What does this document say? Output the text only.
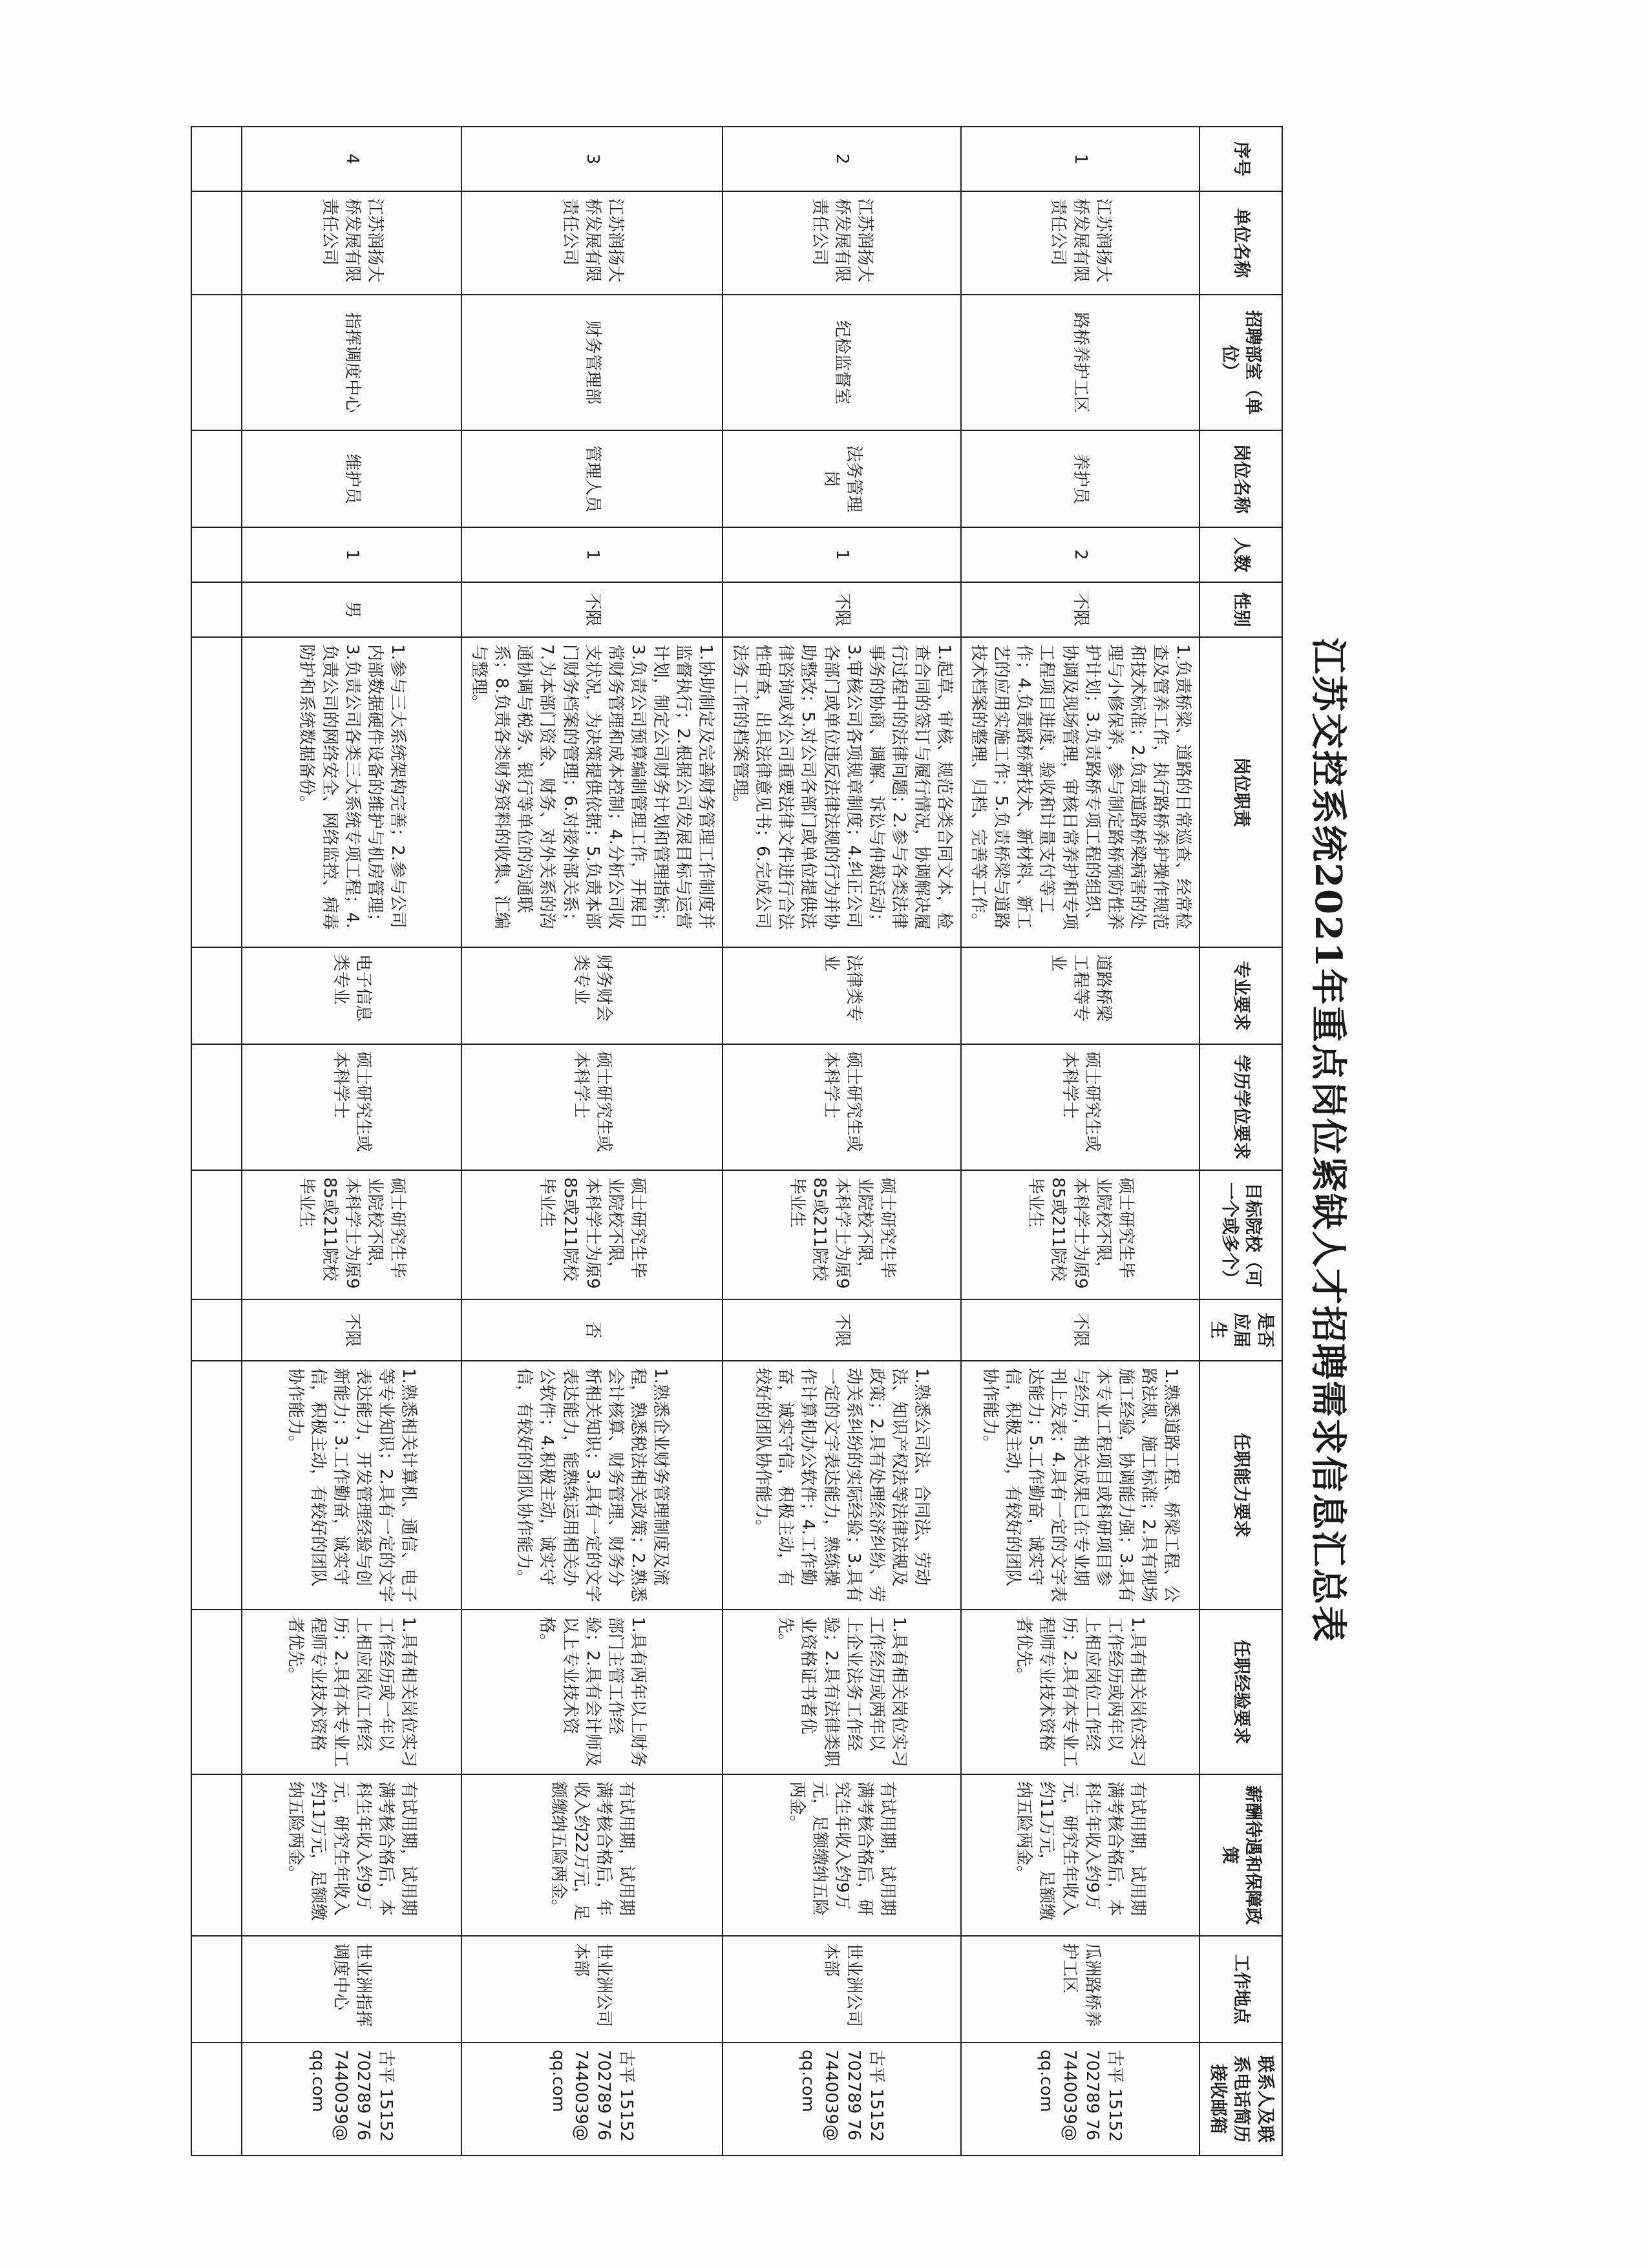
江苏交控系统2021年重点岗位紧缺人才招聘需求信息汇总表
序号	单位名称	招聘部室（单位）	岗位名称	人数	性别	岗位职责	专业要求	学历学位要求	目标院校（可一个或多个）	是否应届生	任职能力要求	任职经验要求	薪酬待遇和保障政策	工作地点	联系人及联系电话简历接收邮箱
1	江苏润扬大桥发展有限责任公司	路桥养护工区	养护员	2	不限	1.负责桥梁、道路的日常巡查、经常检查及管养工作，执行路桥养护操作规范和技术标准；2.负责道路桥梁病害的处理与小修保养，参与制定路桥预防性养护计划；3.负责路桥专项工程的组织、协调及现场管理，审核日常养护和专项工程项目进度、验收和计量支付等工作；4.负责路桥新技术、新材料、新工艺的应用实施工作；5.负责桥梁与道路技术档案的整理、归档、完善等工作。	道路桥梁工程等专业	硕士研究生或本科学士	硕士研究生毕业院校不限，本科学士为原985或211院校毕业生	不限	1.熟悉道路工程、桥梁工程、公路法规、施工标准；2.具有现场施工经验，协调能力强；3.具有本专业工程项目或科研项目参与经历，相关成果已在专业期刊上发表；4.具有一定的文字表达能力；5.工作勤奋，诚实守信，积极主动，有较好的团队协作能力。	1.具有相关岗位实习工作经历或两年以上相应岗位工作经历；2.具有本专业工程师专业技术资格者优先。	有试用期，试用期满考核合格后，本科生年收入约9万元，研究生年收入约11万元，足额缴纳五险两金。	瓜洲路桥养护工区	古平 15152702789 767440039@qq.com
2	江苏润扬大桥发展有限责任公司	纪检监督室	法务管理岗	1	不限	1.起草、审核、规范各类合同文本，检查合同的签订与履行情况，协调解决履行过程中的法律问题；2.参与各类法律事务的协商、调解、诉讼与仲裁活动；3.审核公司各项规章制度；4.纠正公司各部门或单位违反法律法规的行为并协助整改；5.对公司各部门或单位提供法律咨询或对公司重要法律文件进行合法性审查，出具法律意见书；6.完成公司法务工作的档案管理。	法律类专业	硕士研究生或本科学士	硕士研究生毕业院校不限，本科学士为原985或211院校毕业生	不限	1.熟悉公司法、合同法、劳动法、知识产权法等法律法规及政策；2.具有处理经济纠纷、劳动关系纠纷的实际经验；3.具有一定的文字表达能力，熟练操作计算机办公软件；4.工作勤奋，诚实守信，积极主动，有较好的团队协作能力。	1.具有相关岗位实习工作经历或两年以上企业法务工作经验；2.具有法律类职业资格证书者优先。	有试用期，试用期满考核合格后，研究生年收入约9万元，足额缴纳五险两金。	世业洲公司本部	古平 15152702789 767440039@qq.com
3	江苏润扬大桥发展有限责任公司	财务管理部	管理人员	1	不限	1.协助制定及完善财务管理工作制度并监督执行；2.根据公司发展目标与运营计划，制定公司财务计划和管理指标；3.负责公司预算编制管理工作，开展日常财务管理和成本控制；4.分析公司收支状况，为决策提供依据；5.负责本部门财务档案的管理；6.对接外部关系；7.为本部门资金、财务、对外关系的沟通协调与税务、银行等单位的沟通联系；8.负责各类财务资料的收集、汇编与整理。	财务财会类专业	硕士研究生或本科学士	硕士研究生毕业院校不限，本科学士为原985或211院校毕业生	否	1.熟悉企业财务管理制度及流程，熟悉税法相关政策；2.熟悉会计核算、财务管理、财务分析相关知识；3.具有一定的文字表达能力，能熟练运用相关办公软件；4.积极主动，诚实守信，有较好的团队协作能力。	1.具有两年以上财务部门主管工作经验；2.具有会计师及以上专业技术资格。	有试用期，试用期满考核合格后，年收入约22万元，足额缴纳五险两金。	世业洲公司本部	古平 15152702789 767440039@qq.com
4	江苏润扬大桥发展有限责任公司	指挥调度中心	维护员	1	男	1.参与三大系统架构完善；2.参与公司内部数据硬件设备的维护与机房管理；3.负责公司各类三大系统专项工程；4.负责公司的网络安全、网络监控、病毒防护和系统数据备份。	电子信息类专业	硕士研究生或本科学士	硕士研究生毕业院校不限，本科学士为原985或211院校毕业生	不限	1.熟悉相关计算机、通信、电子等专业知识；2.具有一定的文字表达能力，开发管理经验与创新能力；3.工作勤奋，诚实守信，积极主动，有较好的团队协作能力。	1.具有相关岗位实习工作经历或一年以上相应岗位工作经历；2.具有本专业工程师专业技术资格者优先。	有试用期，试用期满考核合格后，本科生年收入约9万元，研究生年收入约11万元，足额缴纳五险两金。	世业洲指挥调度中心	古平 15152702789 767440039@qq.com
